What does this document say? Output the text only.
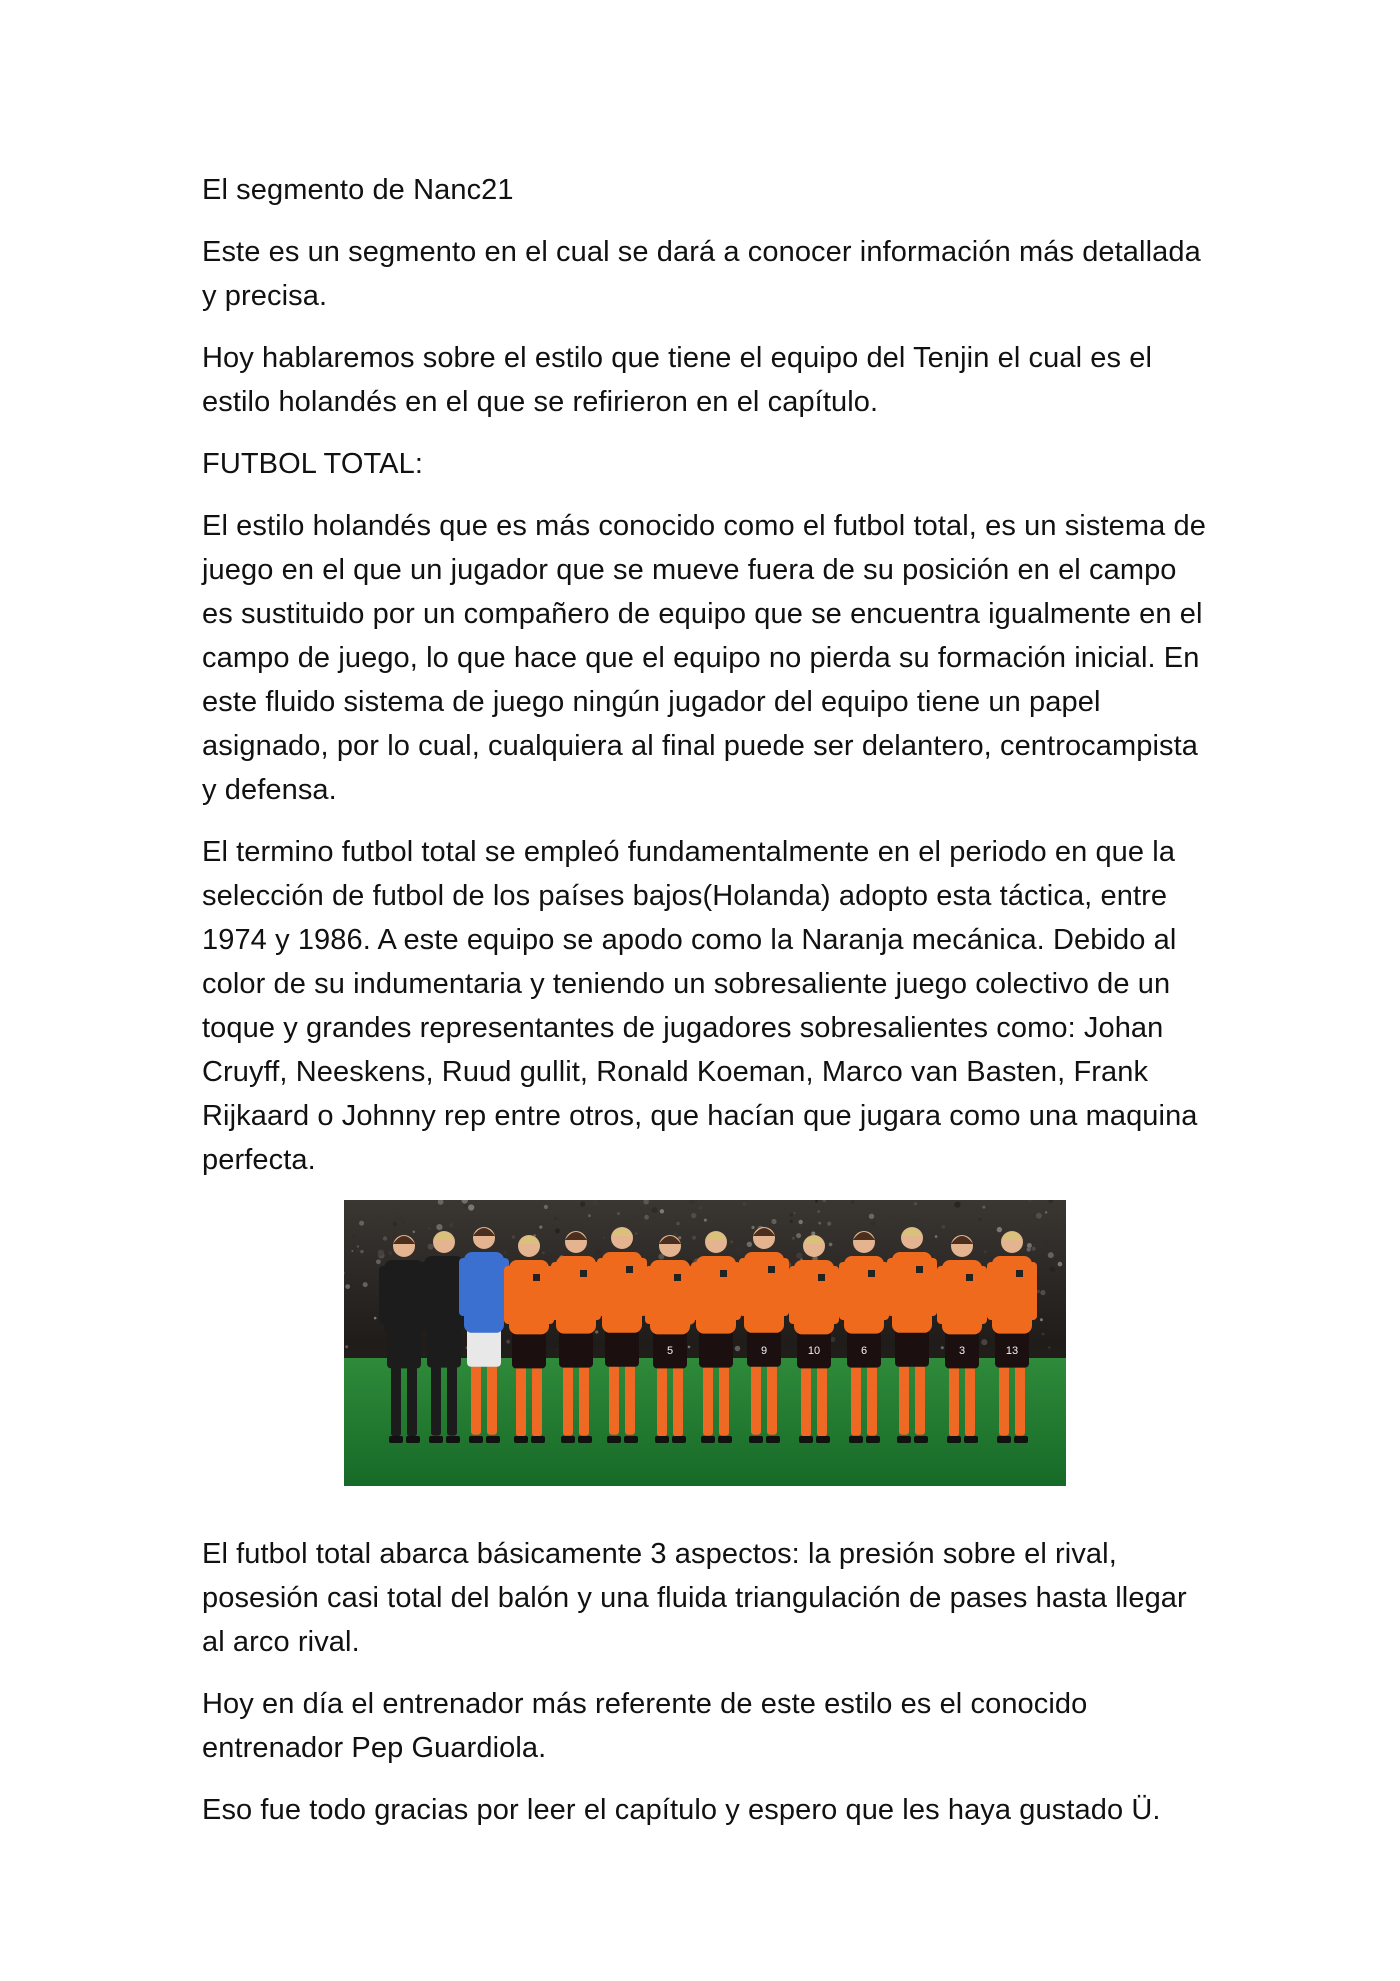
El segmento de Nanc21

Este es un segmento en el cual se dará a conocer información más detallada y precisa.

Hoy hablaremos sobre el estilo que tiene el equipo del Tenjin el cual es el estilo holandés en el que se refirieron en el capítulo.

FUTBOL TOTAL:

El estilo holandés que es más conocido como el futbol total, es un sistema de juego en el que un jugador que se mueve fuera de su posición en el campo es sustituido por un compañero de equipo que se encuentra igualmente en el campo de juego, lo que hace que el equipo no pierda su formación inicial. En este fluido sistema de juego ningún jugador del equipo tiene un papel asignado, por lo cual, cualquiera al final puede ser delantero, centrocampista y defensa.

El termino futbol total se empleó fundamentalmente en el periodo en que la selección de futbol de los países bajos(Holanda) adopto esta táctica, entre 1974 y 1986. A este equipo se apodo como la Naranja mecánica. Debido al color de su indumentaria y teniendo un sobresaliente juego colectivo de un toque y grandes representantes de jugadores sobresalientes como: Johan Cruyff, Neeskens, Ruud gullit, Ronald Koeman, Marco van Basten, Frank Rijkaard o Johnny rep entre otros, que hacían que jugara como una maquina perfecta.

5	9	10	6	3	13

El futbol total abarca básicamente 3 aspectos: la presión sobre el rival, posesión casi total del balón y una fluida triangulación de pases hasta llegar al arco rival.

Hoy en día el entrenador más referente de este estilo es el conocido entrenador Pep Guardiola.

Eso fue todo gracias por leer el capítulo y espero que les haya gustado Ü.
